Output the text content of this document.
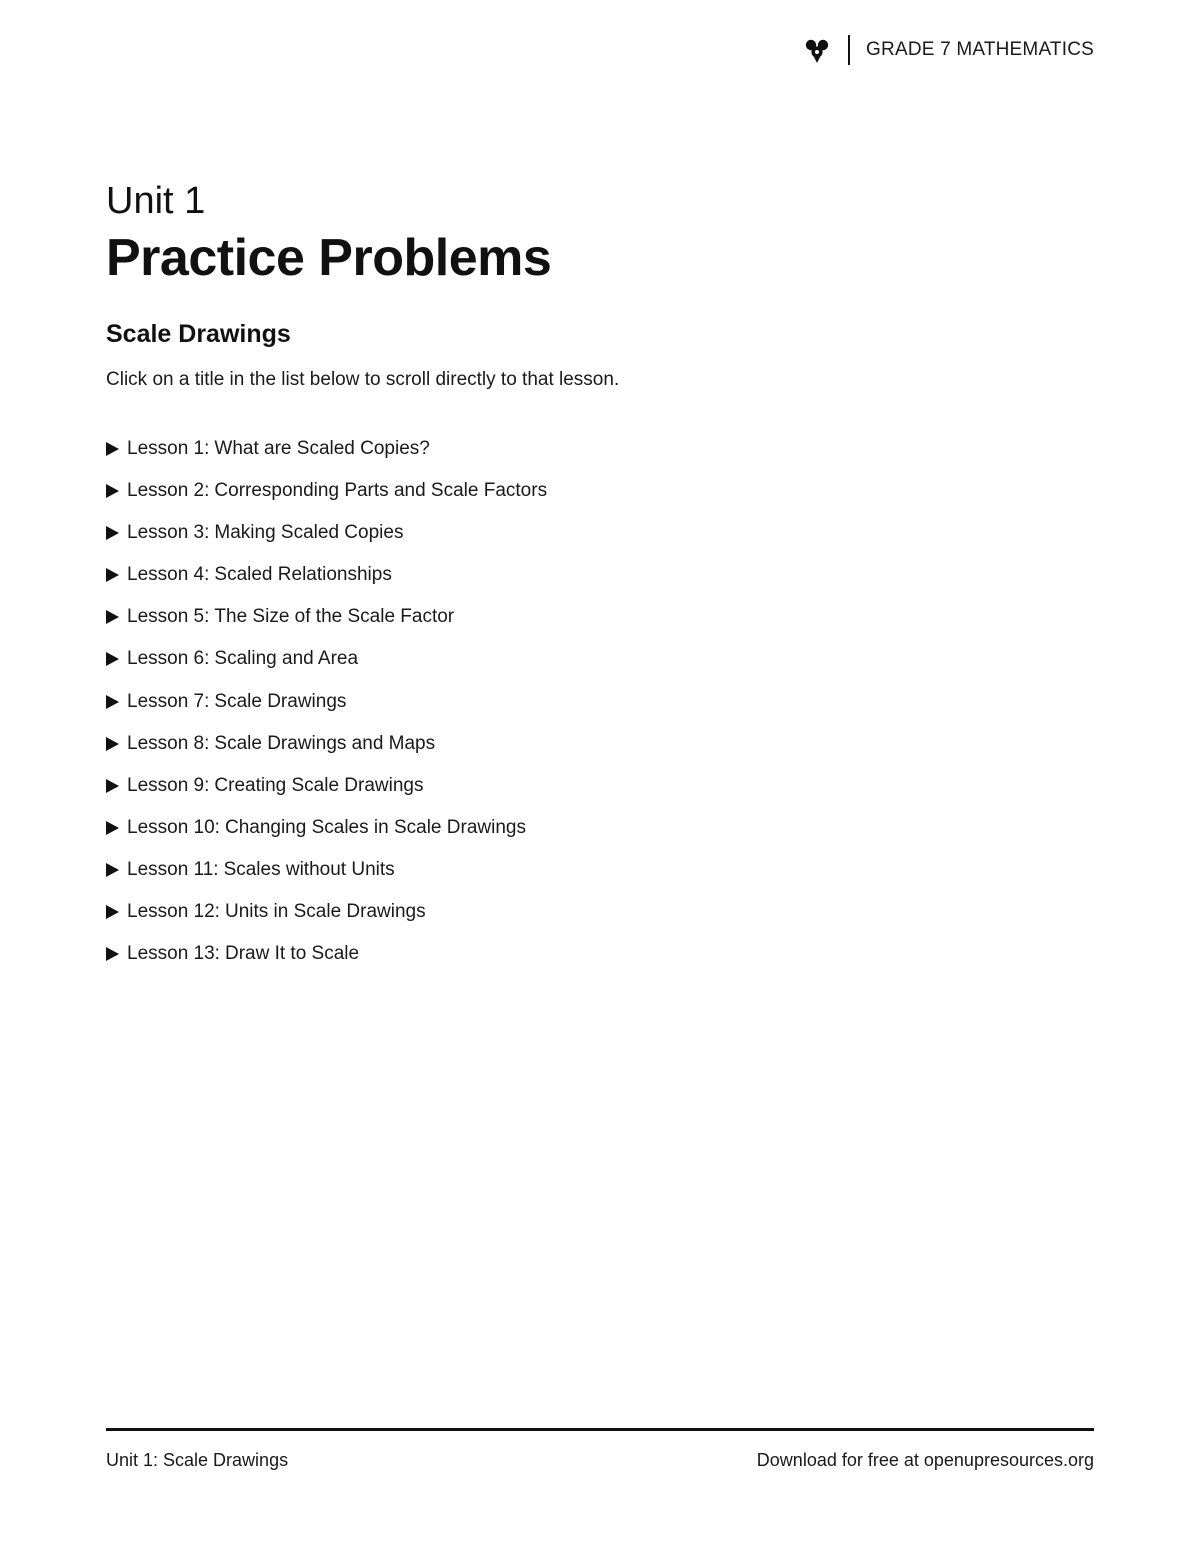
GRADE 7 MATHEMATICS
Unit 1
Practice Problems
Scale Drawings

Click on a title in the list below to scroll directly to that lesson.

Lesson 1: What are Scaled Copies?
Lesson 2: Corresponding Parts and Scale Factors
Lesson 3: Making Scaled Copies
Lesson 4: Scaled Relationships
Lesson 5: The Size of the Scale Factor
Lesson 6: Scaling and Area
Lesson 7: Scale Drawings
Lesson 8: Scale Drawings and Maps
Lesson 9: Creating Scale Drawings
Lesson 10: Changing Scales in Scale Drawings
Lesson 11: Scales without Units
Lesson 12: Units in Scale Drawings
Lesson 13: Draw It to Scale
Unit 1: Scale Drawings	Download for free at openupresources.org
